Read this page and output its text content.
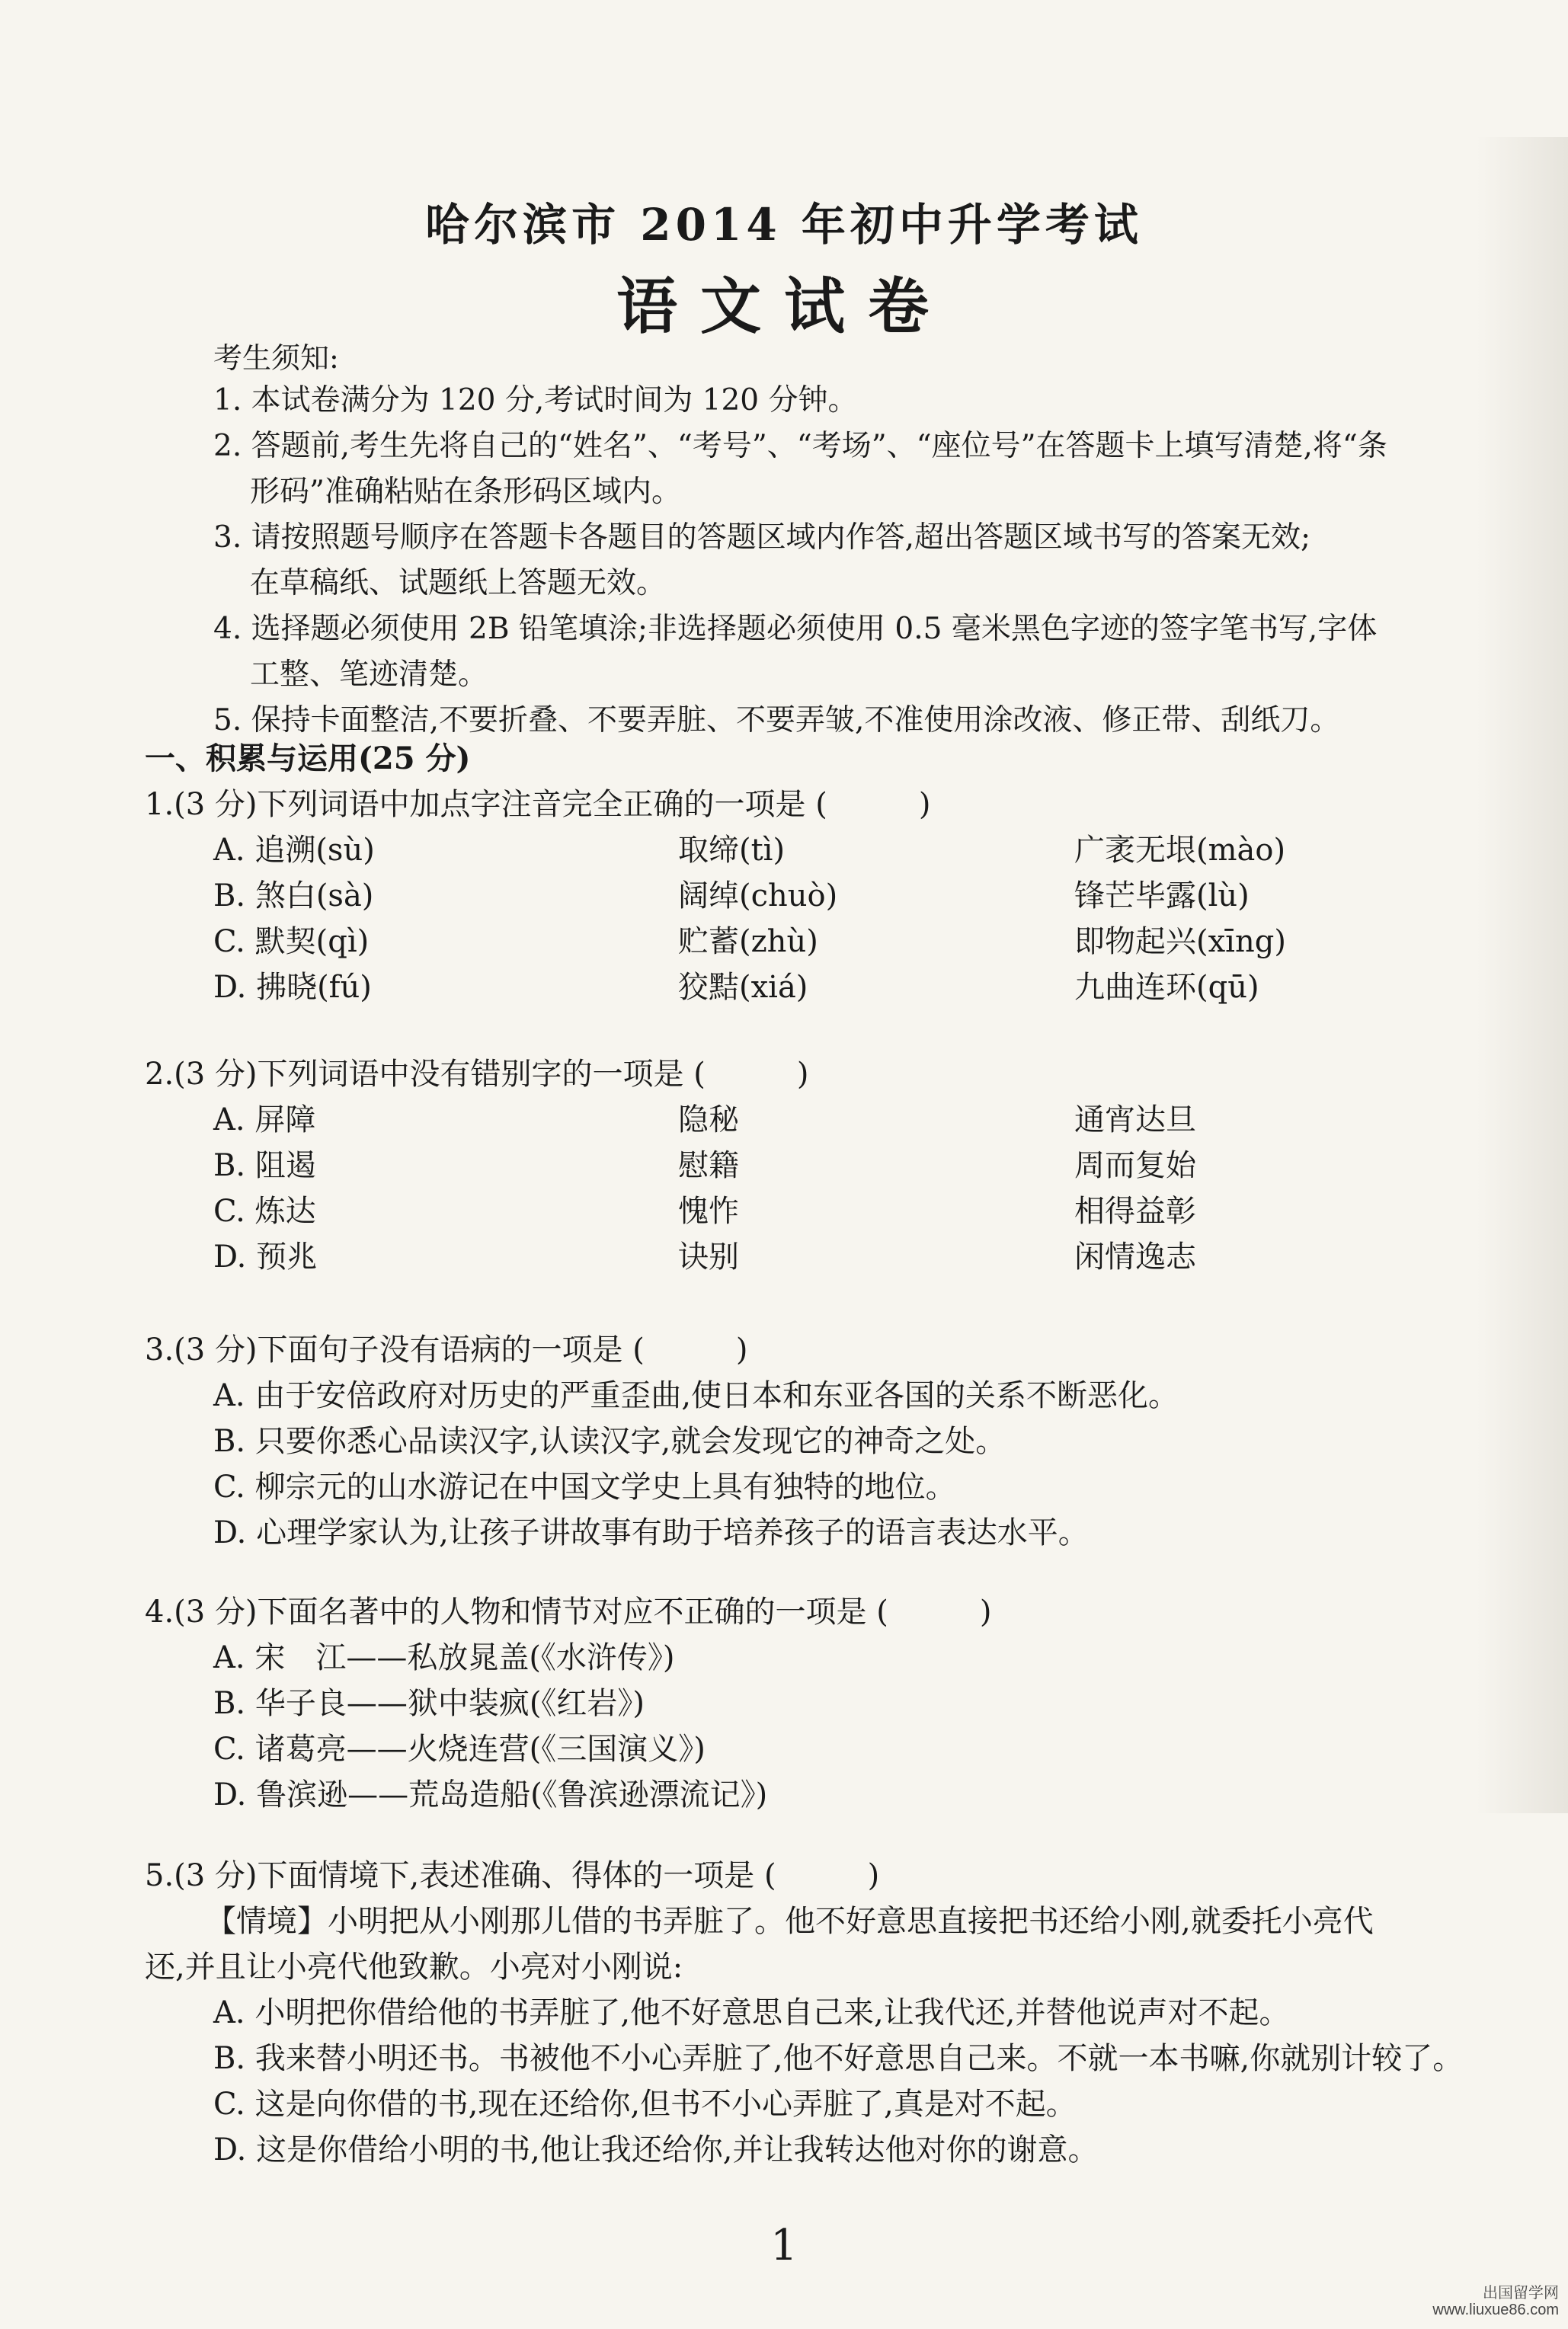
哈尔滨市 2014 年初中升学考试
语文试卷
考生须知:

1. 本试卷满分为 120 分,考试时间为 120 分钟。

2. 答题前,考生先将自己的“姓名”、“考号”、“考场”、“座位号”在答题卡上填写清楚,将“条

形码”准确粘贴在条形码区域内。

3. 请按照题号顺序在答题卡各题目的答题区域内作答,超出答题区域书写的答案无效;

在草稿纸、试题纸上答题无效。

4. 选择题必须使用 2B 铅笔填涂;非选择题必须使用 0.5 毫米黑色字迹的签字笔书写,字体

工整、笔迹清楚。

5. 保持卡面整洁,不要折叠、不要弄脏、不要弄皱,不准使用涂改液、修正带、刮纸刀。

一、积累与运用(25 分)

1.(3 分)下列词语中加点字注音完全正确的一项是 (　　　)

A. 追溯(sù)	取缔(tì)	广袤无垠(mào)
B. 煞白(sà)	阔绰(chuò)	锋芒毕露(lù)
C. 默契(qì)	贮蓄(zhù)	即物起兴(xīng)
D. 拂晓(fú)	狡黠(xiá)	九曲连环(qū)

2.(3 分)下列词语中没有错别字的一项是 (　　　)

A. 屏障	隐秘	通宵达旦
B. 阻遏	慰籍	周而复始
C. 炼达	愧怍	相得益彰
D. 预兆	诀别	闲情逸志

3.(3 分)下面句子没有语病的一项是 (　　　)

A. 由于安倍政府对历史的严重歪曲,使日本和东亚各国的关系不断恶化。

B. 只要你悉心品读汉字,认读汉字,就会发现它的神奇之处。

C. 柳宗元的山水游记在中国文学史上具有独特的地位。

D. 心理学家认为,让孩子讲故事有助于培养孩子的语言表达水平。

4.(3 分)下面名著中的人物和情节对应不正确的一项是 (　　　)

A. 宋　江——私放晁盖(《水浒传》)

B. 华子良——狱中装疯(《红岩》)

C. 诸葛亮——火烧连营(《三国演义》)

D. 鲁滨逊——荒岛造船(《鲁滨逊漂流记》)

5.(3 分)下面情境下,表述准确、得体的一项是 (　　　)

【情境】小明把从小刚那儿借的书弄脏了。他不好意思直接把书还给小刚,就委托小亮代

还,并且让小亮代他致歉。小亮对小刚说:

A. 小明把你借给他的书弄脏了,他不好意思自己来,让我代还,并替他说声对不起。

B. 我来替小明还书。书被他不小心弄脏了,他不好意思自己来。不就一本书嘛,你就别计较了。

C. 这是向你借的书,现在还给你,但书不小心弄脏了,真是对不起。

D. 这是你借给小明的书,他让我还给你,并让我转达他对你的谢意。

1
出国留学网
www.liuxue86.com
